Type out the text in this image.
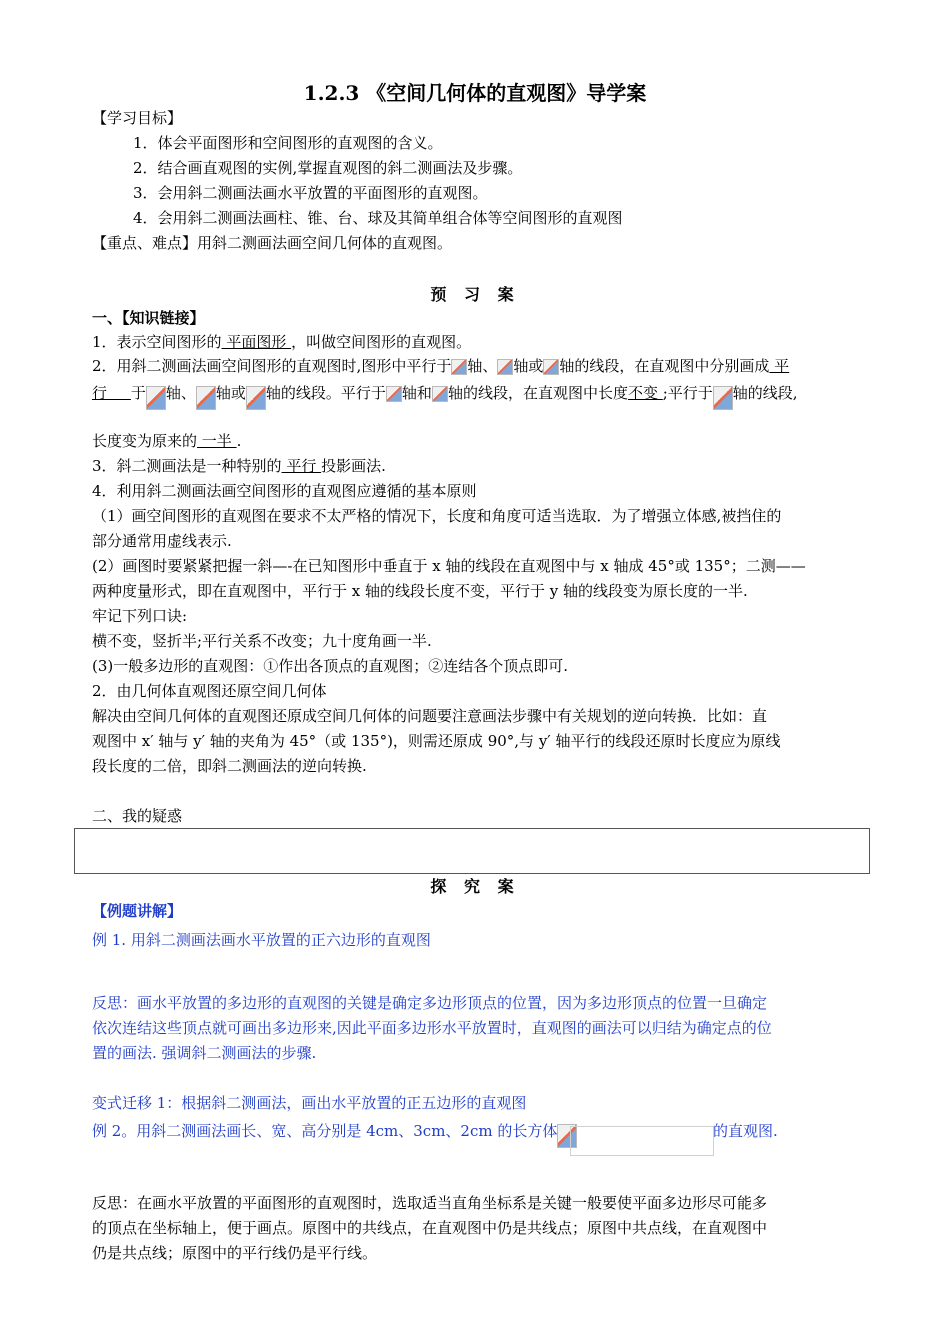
1.2.3 《空间几何体的直观图》导学案
【学习目标】
1．体会平面图形和空间图形的直观图的含义。
2．结合画直观图的实例,掌握直观图的斜二测画法及步骤。
3．会用斜二测画法画水平放置的平面图形的直观图。
4．会用斜二测画法画柱、锥、台、球及其简单组合体等空间图形的直观图
【重点、难点】用斜二测画法画空间几何体的直观图。
预 习 案
一、【知识链接】
1．表示空间图形的 平面图形 ，叫做空间图形的直观图。
2．用斜二测画法画空间图形的直观图时,图形中平行于 轴、 轴或 轴的线段，在直观图中分别画成 平
行 于 轴、 轴或 轴的线段。平行于 轴和 轴的线段，在直观图中长度不变 ;平行于 轴的线段,
长度变为原来的 一半 .
3．斜二测画法是一种特别的 平行 投影画法.
4．利用斜二测画法画空间图形的直观图应遵循的基本原则
（1）画空间图形的直观图在要求不太严格的情况下，长度和角度可适当选取．为了增强立体感,被挡住的
部分通常用虚线表示.
(2）画图时要紧紧把握一斜—-在已知图形中垂直于 x 轴的线段在直观图中与 x 轴成 45°或 135°；二测——
两种度量形式，即在直观图中，平行于 x 轴的线段长度不变，平行于 y 轴的线段变为原长度的一半.
牢记下列口诀:
横不变，竖折半;平行关系不改变；九十度角画一半.
(3)一般多边形的直观图：①作出各顶点的直观图；②连结各个顶点即可.
2．由几何体直观图还原空间几何体
解决由空间几何体的直观图还原成空间几何体的问题要注意画法步骤中有关规划的逆向转换．比如：直
观图中 x′ 轴与 y′ 轴的夹角为 45°（或 135°)，则需还原成 90°,与 y′ 轴平行的线段还原时长度应为原线
段长度的二倍，即斜二测画法的逆向转换.
二、我的疑惑
探 究 案
【例题讲解】
例 1. 用斜二测画法画水平放置的正六边形的直观图
反思：画水平放置的多边形的直观图的关键是确定多边形顶点的位置，因为多边形顶点的位置一旦确定
依次连结这些顶点就可画出多边形来,因此平面多边形水平放置时，直观图的画法可以归结为确定点的位
置的画法. 强调斜二测画法的步骤.
变式迁移 1：根据斜二测画法，画出水平放置的正五边形的直观图
例 2。用斜二测画法画长、宽、高分别是 4cm、3cm、2cm 的长方体	的直观图.
反思：在画水平放置的平面图形的直观图时，选取适当直角坐标系是关键一般要使平面多边形尽可能多
的顶点在坐标轴上，便于画点。原图中的共线点，在直观图中仍是共线点；原图中共点线，在直观图中
仍是共点线；原图中的平行线仍是平行线。
